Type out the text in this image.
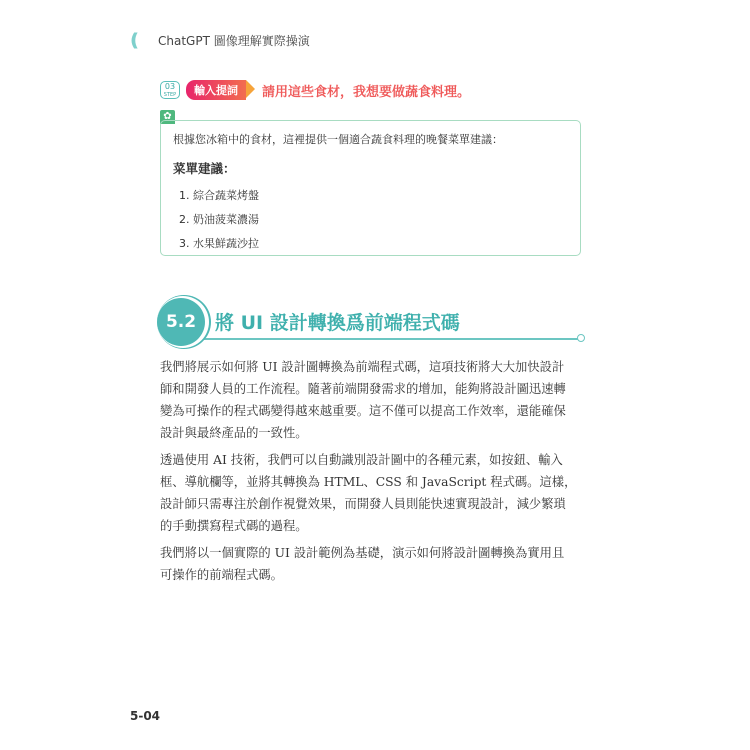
(((	ChatGPT 圖像理解實際操演
03
STEP	輸入提詞	請用這些食材，我想要做蔬食料理。
✿
根據您冰箱中的食材，這裡提供一個適合蔬食料理的晚餐菜單建議：
菜單建議：
1. 綜合蔬菜烤盤
2. 奶油菠菜濃湯
3. 水果鮮蔬沙拉
5.2 將 UI 設計轉換爲前端程式碼

我們將展示如何將 UI 設計圖轉換為前端程式碼，這項技術將大大加快設計
師和開發人員的工作流程。隨著前端開發需求的增加，能夠將設計圖迅速轉
變為可操作的程式碼變得越來越重要。這不僅可以提高工作效率，還能確保
設計與最終產品的一致性。

透過使用 AI 技術，我們可以自動識別設計圖中的各種元素，如按鈕、輸入
框、導航欄等，並將其轉換為 HTML、CSS 和 JavaScript 程式碼。這樣，
設計師只需專注於創作視覺效果，而開發人員則能快速實現設計，減少繁瑣
的手動撰寫程式碼的過程。

我們將以一個實際的 UI 設計範例為基礎，演示如何將設計圖轉換為實用且
可操作的前端程式碼。

5-04
